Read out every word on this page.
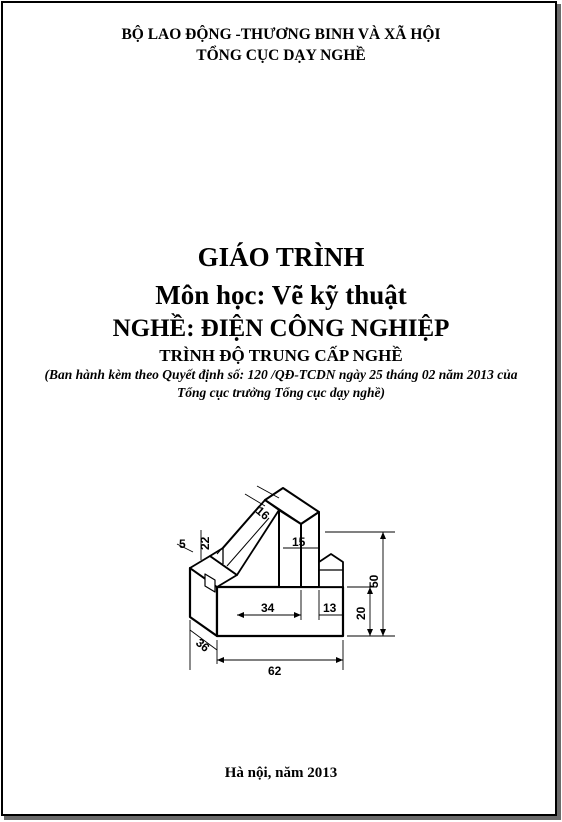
BỘ LAO ĐỘNG -THƯƠNG BINH VÀ XÃ HỘI
TỔNG CỤC DẠY NGHỀ
GIÁO TRÌNH
Môn học: Vẽ kỹ thuật
NGHỀ: ĐIỆN CÔNG NGHIỆP
TRÌNH ĐỘ TRUNG CẤP NGHỀ
(Ban hành kèm theo Quyết định số: 120 /QĐ-TCDN ngày 25 tháng 02 năm 2013 của
Tổng cục trưởng Tổng cục dạy nghề)
5 22
16
15
50
34	13 20
36
62
Hà nội, năm 2013
